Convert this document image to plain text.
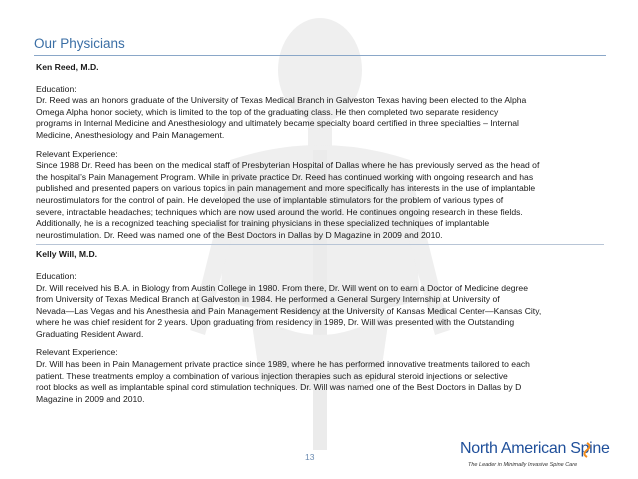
Our Physicians

Ken Reed, M.D.

Education:

Dr. Reed was an honors graduate of the University of Texas Medical Branch in Galveston Texas having been elected to the Alpha

Omega Alpha honor society, which is limited to the top of the graduating class. He then completed two separate residency

programs in Internal Medicine and Anesthesiology and ultimately became specialty board certified in three specialties – Internal

Medicine, Anesthesiology and Pain Management.

Relevant Experience:

Since 1988 Dr. Reed has been on the medical staff of Presbyterian Hospital of Dallas where he has previously served as the head of

the hospital’s Pain Management Program. While in private practice Dr. Reed has continued working with ongoing research and has

published and presented papers on various topics in pain management and more specifically has interests in the use of implantable

neurostimulators for the control of pain. He developed the use of implantable stimulators for the problem of various types of

severe, intractable headaches; techniques which are now used around the world. He continues ongoing research in these fields.

Additionally, he is a recognized teaching specialist for training physicians in these specialized techniques of implantable

neurostimulation. Dr. Reed was named one of the Best Doctors in Dallas by D Magazine in 2009 and 2010.

Kelly Will, M.D.

Education:

Dr. Will received his B.A. in Biology from Austin College in 1980. From there, Dr. Will went on to earn a Doctor of Medicine degree

from University of Texas Medical Branch at Galveston in 1984. He performed a General Surgery Internship at University of

Nevada—Las Vegas and his Anesthesia and Pain Management Residency at the University of Kansas Medical Center—Kansas City,

where he was chief resident for 2 years. Upon graduating from residency in 1989, Dr. Will was presented with the Outstanding

Graduating Resident Award.

Relevant Experience:

Dr. Will has been in Pain Management private practice since 1989, where he has performed innovative treatments tailored to each

patient. These treatments employ a combination of various injection therapies such as epidural steroid injections or selective

root blocks as well as implantable spinal cord stimulation techniques. Dr. Will was named one of the Best Doctors in Dallas by D

Magazine in 2009 and 2010.

13	North American Spine
The Leader in Minimally Invasive Spine Care
